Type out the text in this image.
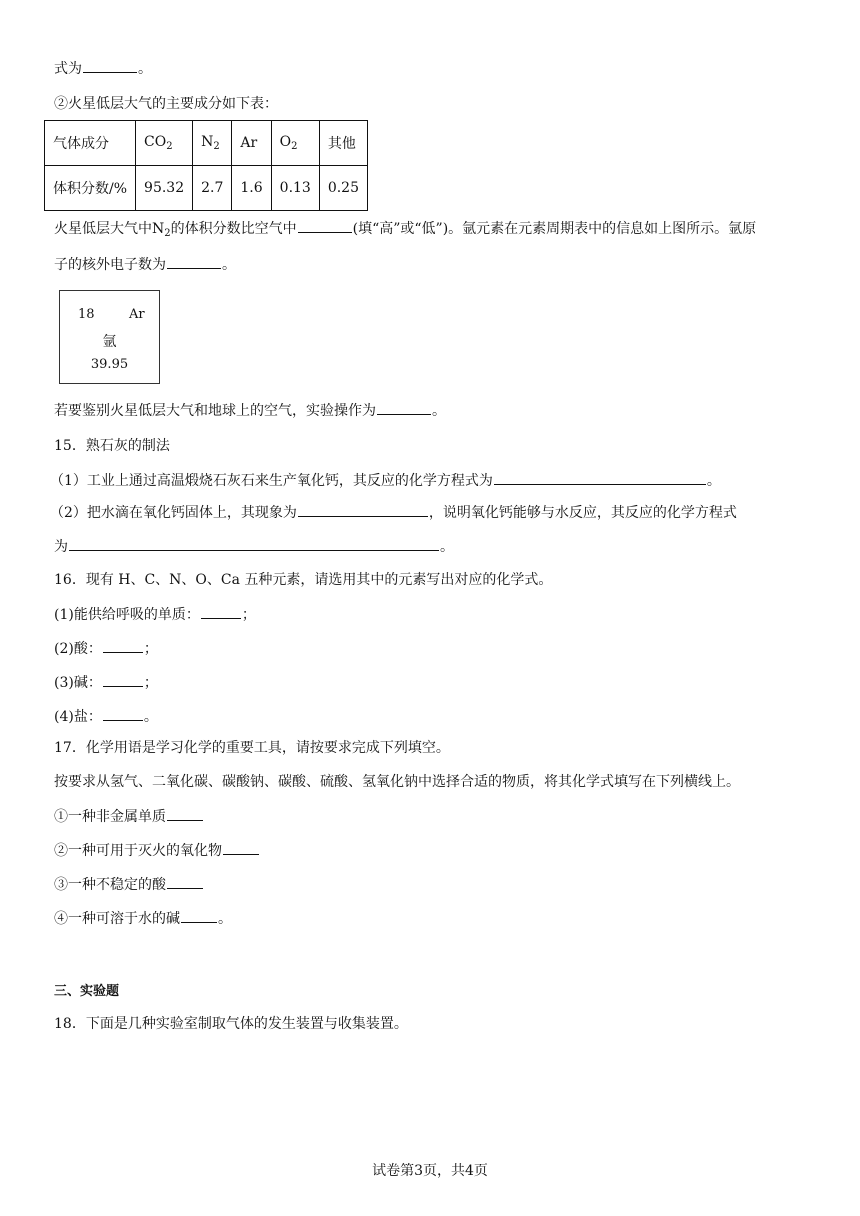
式为	。
②火星低层大气的主要成分如下表：
气体成分	$CO_2$	$N_2$	Ar	$O_2$	其他
体积分数/%	95.32	2.7	1.6	0.13	0.25
火星低层大气中$N_2$的体积分数比空气中	(填“高”或“低”)。氩元素在元素周期表中的信息如上图所示。氩原
子的核外电子数为	。
18	Ar
氩
39.95
若要鉴别火星低层大气和地球上的空气，实验操作为	。
15．熟石灰的制法
（1）工业上通过高温煅烧石灰石来生产氧化钙，其反应的化学方程式为	。
（2）把水滴在氧化钙固体上，其现象为	，说明氧化钙能够与水反应，其反应的化学方程式
为	。
16．现有 H、C、N、O、Ca 五种元素，请选用其中的元素写出对应的化学式。
(1)能供给呼吸的单质：	；
(2)酸：	；
(3)碱：	；
(4)盐：	。
17．化学用语是学习化学的重要工具，请按要求完成下列填空。
按要求从氢气、二氧化碳、碳酸钠、碳酸、硫酸、氢氧化钠中选择合适的物质，将其化学式填写在下列横线上。
①一种非金属单质
②一种可用于灭火的氧化物
③一种不稳定的酸
④一种可溶于水的碱	。
三、实验题
18．下面是几种实验室制取气体的发生装置与收集装置。
试卷第3页，共4页
